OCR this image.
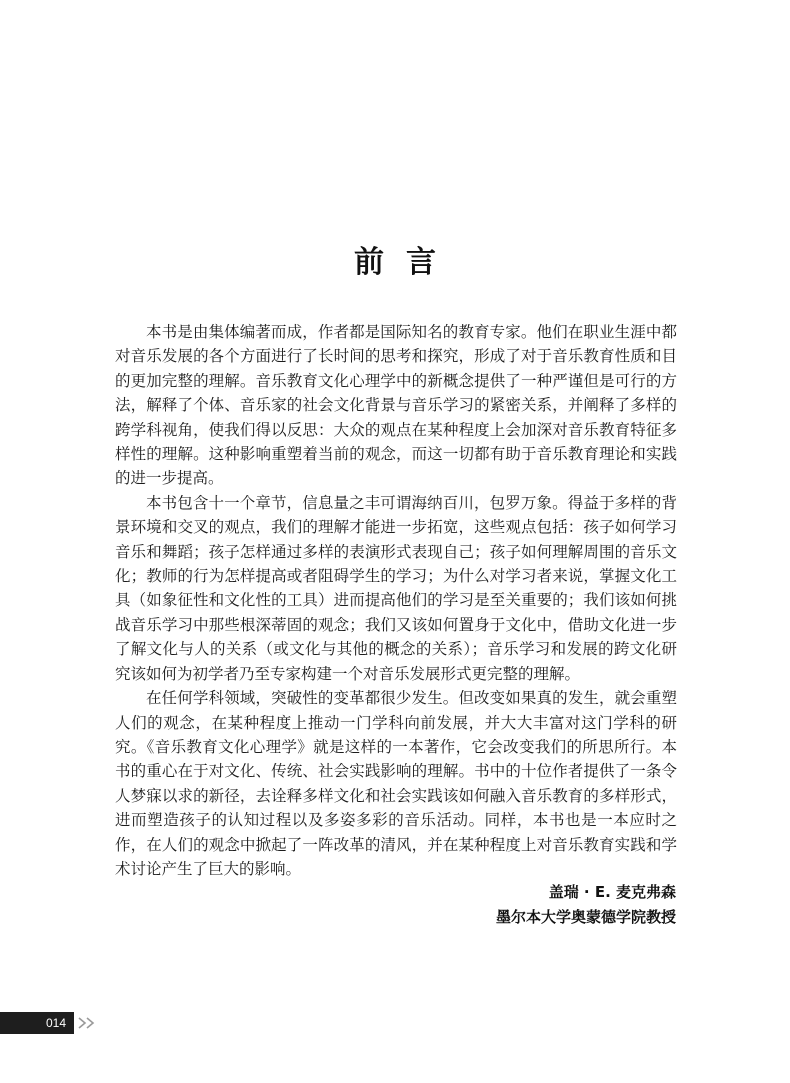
前言

本书是由集体编著而成，作者都是国际知名的教育专家。他们在职业生涯中都对音乐发展的各个方面进行了长时间的思考和探究，形成了对于音乐教育性质和目的更加完整的理解。音乐教育文化心理学中的新概念提供了一种严谨但是可行的方法，解释了个体、音乐家的社会文化背景与音乐学习的紧密关系，并阐释了多样的跨学科视角，使我们得以反思：大众的观点在某种程度上会加深对音乐教育特征多样性的理解。这种影响重塑着当前的观念，而这一切都有助于音乐教育理论和实践的进一步提高。

本书包含十一个章节，信息量之丰可谓海纳百川，包罗万象。得益于多样的背景环境和交叉的观点，我们的理解才能进一步拓宽，这些观点包括：孩子如何学习音乐和舞蹈；孩子怎样通过多样的表演形式表现自己；孩子如何理解周围的音乐文化；教师的行为怎样提高或者阻碍学生的学习；为什么对学习者来说，掌握文化工具（如象征性和文化性的工具）进而提高他们的学习是至关重要的；我们该如何挑战音乐学习中那些根深蒂固的观念；我们又该如何置身于文化中，借助文化进一步了解文化与人的关系（或文化与其他的概念的关系）；音乐学习和发展的跨文化研究该如何为初学者乃至专家构建一个对音乐发展形式更完整的理解。

在任何学科领域，突破性的变革都很少发生。但改变如果真的发生，就会重塑人们的观念，在某种程度上推动一门学科向前发展，并大大丰富对这门学科的研究。《音乐教育文化心理学》就是这样的一本著作，它会改变我们的所思所行。本书的重心在于对文化、传统、社会实践影响的理解。书中的十位作者提供了一条令人梦寐以求的新径，去诠释多样文化和社会实践该如何融入音乐教育的多样形式，进而塑造孩子的认知过程以及多姿多彩的音乐活动。同样，本书也是一本应时之作，在人们的观念中掀起了一阵改革的清风，并在某种程度上对音乐教育实践和学术讨论产生了巨大的影响。

盖瑞 · E. 麦克弗森
墨尔本大学奥蒙德学院教授
014
